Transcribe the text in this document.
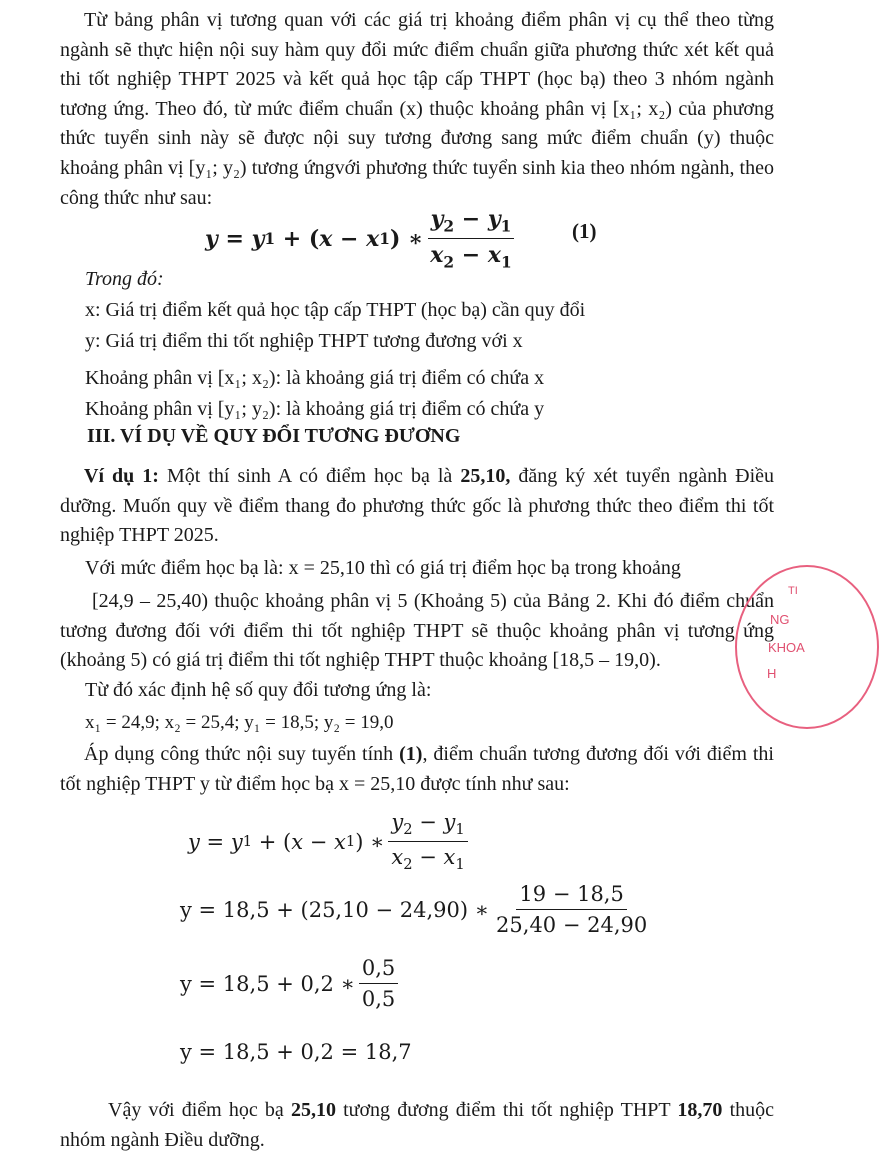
Từ bảng phân vị tương quan với các giá trị khoảng điểm phân vị cụ thể theo từng ngành sẽ thực hiện nội suy hàm quy đổi mức điểm chuẩn giữa phương thức xét kết quả thi tốt nghiệp THPT 2025 và kết quả học tập cấp THPT (học bạ) theo 3 nhóm ngành tương ứng. Theo đó, từ mức điểm chuẩn (x) thuộc khoảng phân vị [x₁; x₂) của phương thức tuyển sinh này sẽ được nội suy tương đương sang mức điểm chuẩn (y) thuộc khoảng phân vị [y₁; y₂) tương ứngvới phương thức tuyển sinh kia theo nhóm ngành, theo công thức như sau:

y = y 1 + ( x − x 1 ) ∗ $\frac{y_2 - y_1}{x_2 - x_1}$	(1)

Trong đó:

x: Giá trị điểm kết quả học tập cấp THPT (học bạ) cần quy đổi

y: Giá trị điểm thi tốt nghiệp THPT tương đương với x

Khoảng phân vị [x₁; x₂): là khoảng giá trị điểm có chứa x

Khoảng phân vị [y₁; y₂): là khoảng giá trị điểm có chứa y

III. VÍ DỤ VỀ QUY ĐỔI TƯƠNG ĐƯƠNG

Ví dụ 1: Một thí sinh A có điểm học bạ là 25,10, đăng ký xét tuyển ngành Điều dưỡng. Muốn quy về điểm thang đo phương thức gốc là phương thức theo điểm thi tốt nghiệp THPT 2025.

Với mức điểm học bạ là: x = 25,10 thì có giá trị điểm học bạ trong khoảng

[24,9 – 25,40) thuộc khoảng phân vị 5 (Khoảng 5) của Bảng 2. Khi đó điểm chuẩn tương đương đối với điểm thi tốt nghiệp THPT sẽ thuộc khoảng phân vị tương ứng (khoảng 5) có giá trị điểm thi tốt nghiệp THPT thuộc khoảng [18,5 – 19,0).

Từ đó xác định hệ số quy đổi tương ứng là:

x₁ = 24,9; x₂ = 25,4; y₁ = 18,5; y₂ = 19,0

Áp dụng công thức nội suy tuyến tính (1), điểm chuẩn tương đương đối với điểm thi tốt nghiệp THPT y từ điểm học bạ x = 25,10 được tính như sau:

y = y 1 + ( x − x 1 ) ∗ $\frac{y_2 - y_1}{x_2 - x_1}$
y = 18,5 + (25,10 − 24,90) ∗ $\frac{19 - 18,5}{25,40 - 24,90}$
y = 18,5 + 0,2 ∗ $\frac{0,5}{0,5}$
y = 18,5 + 0,2 = 18,7

Vậy với điểm học bạ 25,10 tương đương điểm thi tốt nghiệp THPT 18,70 thuộc nhóm ngành Điều dưỡng.

NG
KHOA
H
TI
